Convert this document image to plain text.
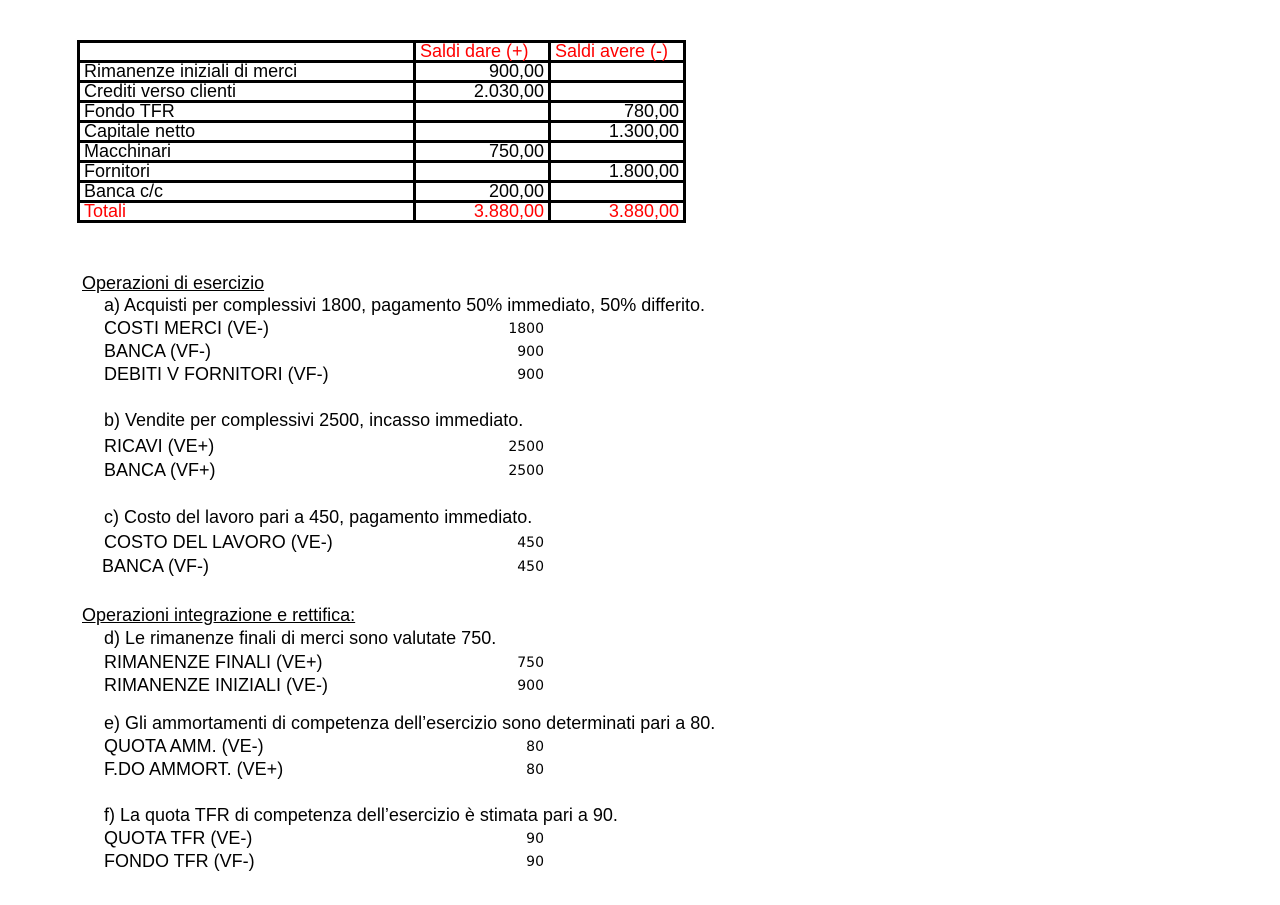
	Saldi dare (+)	Saldi avere (-)
Rimanenze iniziali di merci	900,00	
Crediti verso clienti	2.030,00	
Fondo TFR		780,00
Capitale netto		1.300,00
Macchinari	750,00	
Fornitori		1.800,00
Banca c/c	200,00	
Totali	3.880,00	3.880,00
Operazioni di esercizio
a) Acquisti per complessivi 1800, pagamento 50% immediato, 50% differito.
COSTI MERCI (VE-)	1800
BANCA (VF-)	900
DEBITI V FORNITORI (VF-)	900
b) Vendite per complessivi 2500, incasso immediato.
RICAVI (VE+)	2500
BANCA (VF+)	2500
c) Costo del lavoro pari a 450, pagamento immediato.
COSTO DEL LAVORO (VE-)	450
BANCA (VF-)	450
Operazioni integrazione e rettifica:
d) Le rimanenze finali di merci sono valutate 750.
RIMANENZE FINALI (VE+)	750
RIMANENZE INIZIALI (VE-)	900
e) Gli ammortamenti di competenza dell’esercizio sono determinati pari a 80.
QUOTA AMM. (VE-)	80
F.DO AMMORT. (VE+)	80
f) La quota TFR di competenza dell’esercizio è stimata pari a 90.
QUOTA TFR (VE-)	90
FONDO TFR (VF-)	90
